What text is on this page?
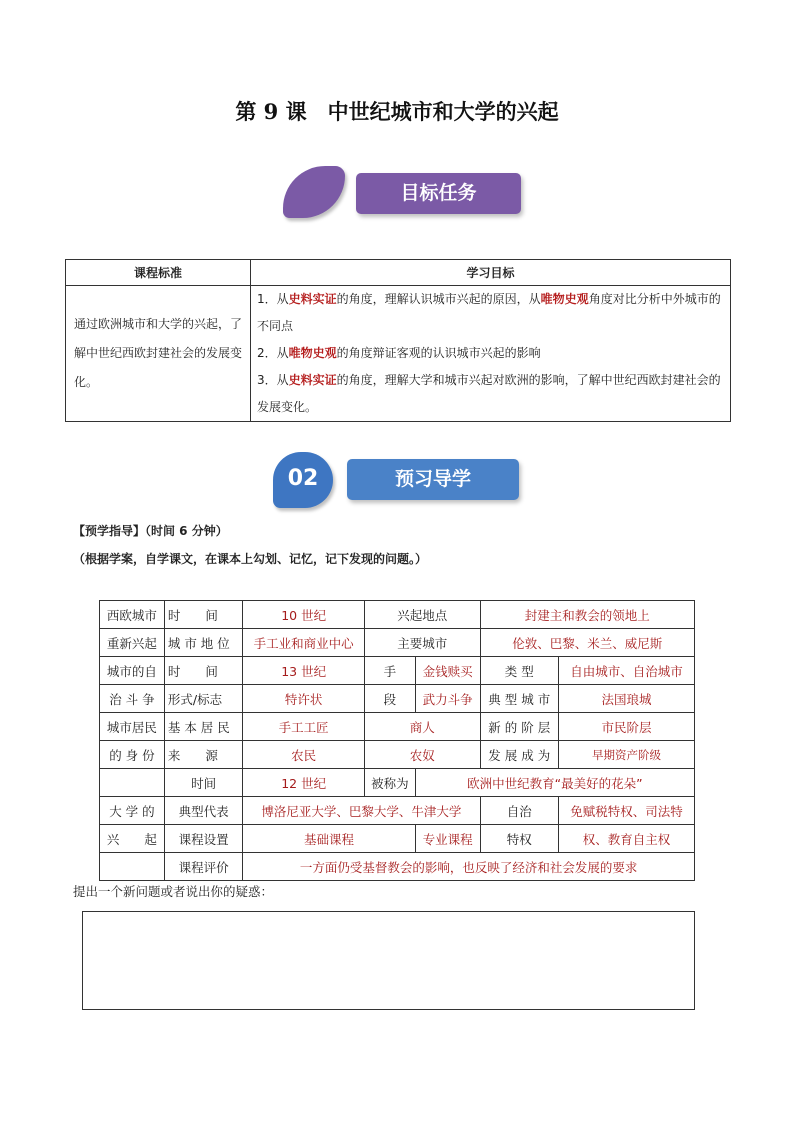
第 9 课　中世纪城市和大学的兴起
目标任务
课程标准	学习目标
通过欧洲城市和大学的兴起，了解中世纪西欧封建社会的发展变化。	1．从史料实证的角度，理解认识城市兴起的原因，从唯物史观角度对比分析中外城市的不同点
2．从唯物史观的角度辩证客观的认识城市兴起的影响
3．从史料实证的角度，理解大学和城市兴起对欧洲的影响，了解中世纪西欧封建社会的发展变化。
02	预习导学
【预学指导】（时间 6 分钟）
（根据学案，自学课文，在课本上勾划、记忆，记下发现的问题。）
西欧城市	时　　间	10 世纪	兴起地点		封建主和教会的领地上	
重新兴起	城 市 地 位	手工业和商业中心	主要城市		伦敦、巴黎、米兰、威尼斯	
城市的自	时　　间	13 世纪	手	金钱赎买	类 型	自由城市、自治城市
治 斗 争	形式/标志	特许状	段	武力斗争	典 型 城 市	法国琅城
城市居民	基 本 居 民	手工工匠	商人		新 的 阶 层	市民阶层
的 身 份	来　　源	农民	农奴		发 展 成 为	早期资产阶级
	时间	12 世纪	被称为	欧洲中世纪教育“最美好的花朵”		
大 学 的	典型代表	博洛尼亚大学、巴黎大学、牛津大学			自治	免赋税特权、司法特
兴　　起	课程设置	基础课程		专业课程	特权	权、教育自主权
	课程评价	一方面仍受基督教会的影响，也反映了经济和社会发展的要求				
提出一个新问题或者说出你的疑惑：
